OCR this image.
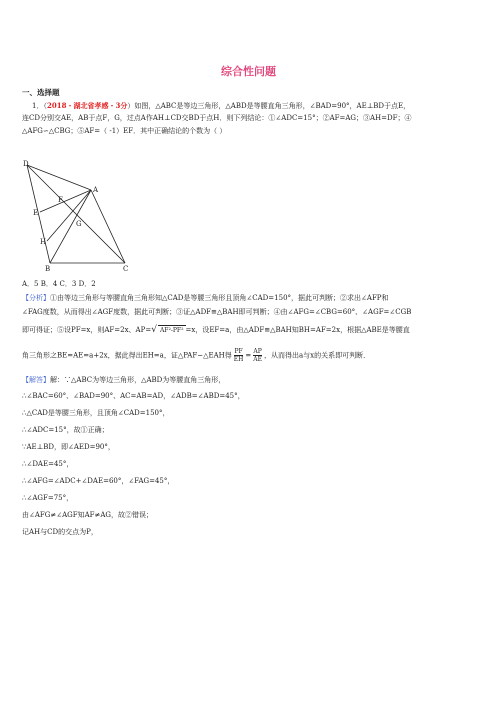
综合性问题
一、选择题
1．（2018・湖北省孝感・3分）如图，△ABC是等边三角形，△ABD是等腰直角三角形，∠BAD=90°，AE⊥BD于点E，
连CD分别交AE，AB于点F，G，过点A作AH⊥CD交BD于点H．则下列结论：①∠ADC=15°；②AF=AG；③AH=DF；④
△AFG∽△CBG；⑤AF=（ -1）EF．其中正确结论的个数为（ ）
D
A
F
E
G
H
B	C
A．5 B．4 C．3 D．2
【分析】①由等边三角形与等腰直角三角形知△CAD是等腰三角形且顶角∠CAD=150°，据此可判断；②求出∠AFP和
∠FAG度数，从而得出∠AGF度数，据此可判断；③证△ADF≌△BAH即可判断；④由∠AFG=∠CBG=60°、∠AGF=∠CGB
即可得证；⑤设PF=x，则AF=2x、AP=√ AF²-PF² =x，设EF=a，由△ADF≌△BAH知BH=AF=2x，根据△ABE是等腰直
角三角形之BE=AE=a+2x，据此得出EH=a，证△PAF∽△EAH得 $\frac{PF}{EH} = \frac{AP}{AE}$ ，从而得出a与x的关系即可判断．
【解答】解：∵△ABC为等边三角形，△ABD为等腰直角三角形，
∴∠BAC=60°、∠BAD=90°、AC=AB=AD，∠ADB=∠ABD=45°，
∴△CAD是等腰三角形，且顶角∠CAD=150°，
∴∠ADC=15°，故①正确；
∵AE⊥BD，即∠AED=90°，
∴∠DAE=45°，
∴∠AFG=∠ADC+∠DAE=60°，∠FAG=45°，
∴∠AGF=75°，
由∠AFG≠∠AGF知AF≠AG，故②错误；
记AH与CD的交点为P，
